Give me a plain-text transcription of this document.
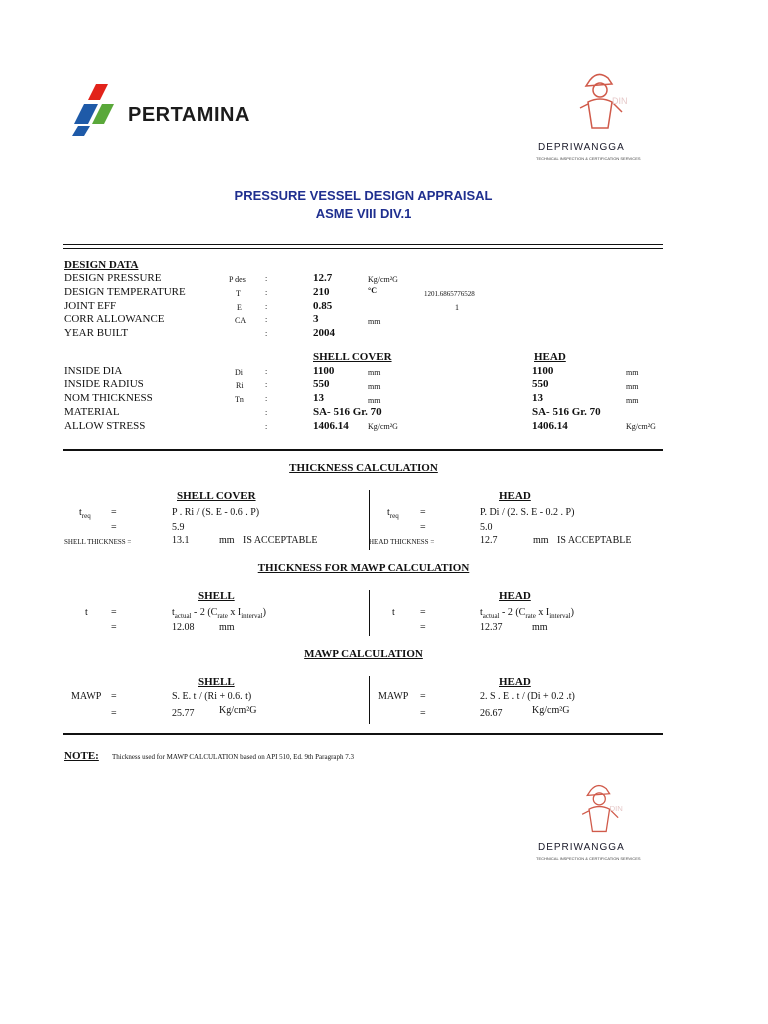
PERTAMINA
DIN
DEPRIWANGGA
TECHNICAL INSPECTION & CERTIFICATION SERVICES
PRESSURE VESSEL DESIGN APPRAISAL
ASME VIII DIV.1
DESIGN DATA
DESIGN PRESSURE	P des :	12.7	Kg/cm²G
DESIGN TEMPERATURE	T	:	210	°C	1201.6865776528
JOINT EFF	E	:	0.85	1
CORR ALLOWANCE	CA :	3	mm
YEAR BUILT	:	2004
SHELL COVER	HEAD
INSIDE DIA	Di	:	1100	mm	1100	mm
INSIDE RADIUS	Ri	:	550	mm	550	mm
NOM THICKNESS	Tn	:	13	mm	13	mm
MATERIAL	:	SA- 516 Gr. 70	SA- 516 Gr. 70
ALLOW STRESS	:	1406.14 Kg/cm²G	1406.14	Kg/cm²G
THICKNESS CALCULATION
SHELL COVER	HEAD
$t_{req}$ =	P . Ri / (S. E - 0.6 . P)
=	5.9
SHELL THICKNESS =	13.1	mm IS ACCEPTABLE
$t_{req}$ =	P. Di / (2. S. E - 0.2 . P)
=	5.0
HEAD THICKNESS =	12.7	mm IS ACCEPTABLE
THICKNESS FOR MAWP CALCULATION
SHELL	HEAD
t =	$t_{actual} - 2$ ($C_{rate}$ x $I_{interval}$)
=	12.08 mm
t	=	$t_{actual} - 2$ ($C_{rate}$ x $I_{interval}$)
=	12.37	mm
MAWP CALCULATION
SHELL	HEAD
MAWP =	S. E. t / (Ri + 0.6. t)
=	25.77 Kg/cm²G
MAWP =	2. S . E . t / (Di + 0.2 .t)
=	26.67	Kg/cm²G
NOTE: Thickness used for MAWP CALCULATION based on API 510, Ed. 9th Paragraph 7.3
DIN
DEPRIWANGGA
TECHNICAL INSPECTION & CERTIFICATION SERVICES
